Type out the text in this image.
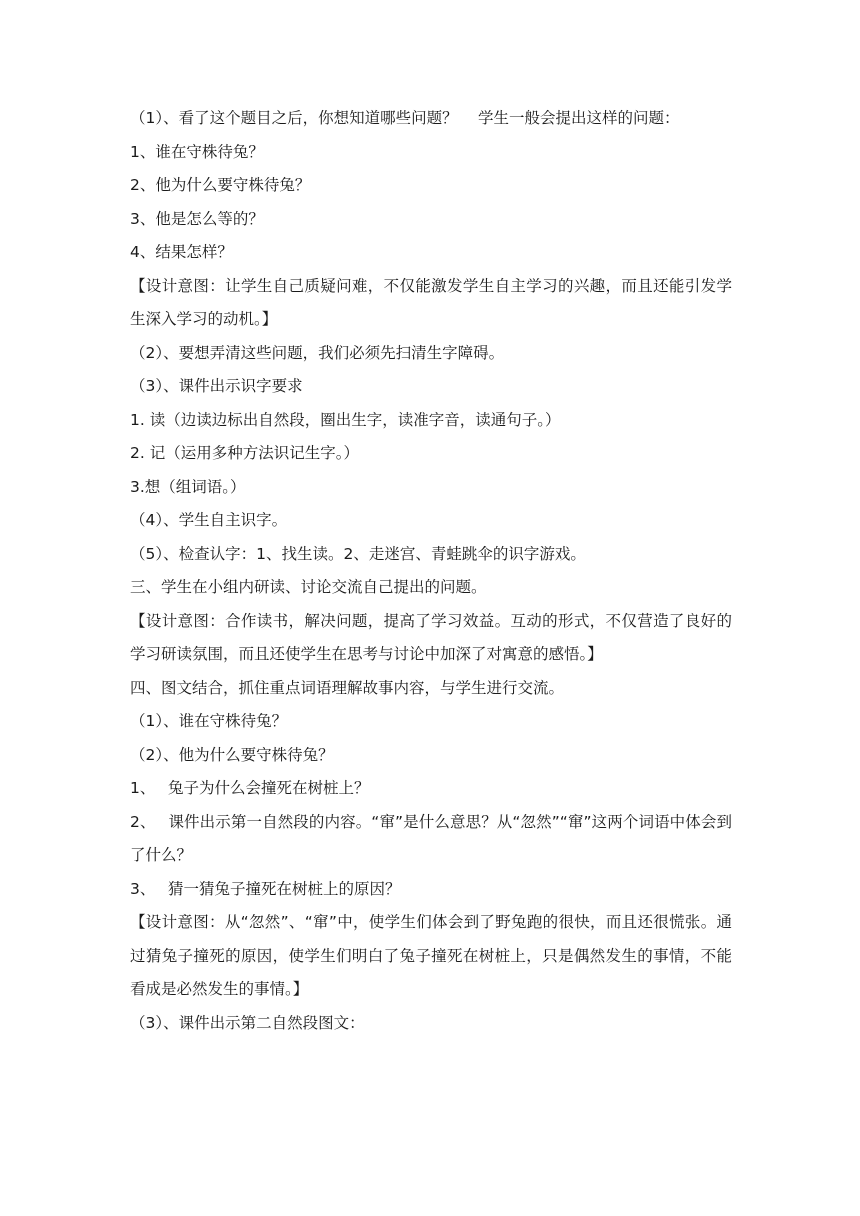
（1）、看了这个题目之后，你想知道哪些问题？　 学生一般会提出这样的问题：

1、谁在守株待兔？

2、他为什么要守株待兔？

3、他是怎么等的？

4、结果怎样？

【设计意图：让学生自己质疑问难，不仅能激发学生自主学习的兴趣，而且还能引发学生深入学习的动机。】

（2）、要想弄清这些问题，我们必须先扫清生字障碍。

（3）、课件出示识字要求

1. 读（边读边标出自然段，圈出生字，读准字音，读通句子。）

2. 记（运用多种方法识记生字。）

3.想（组词语。）

（4）、学生自主识字。

（5）、检查认字：1、找生读。2、走迷宫、青蛙跳伞的识字游戏。

三、学生在小组内研读、讨论交流自己提出的问题。

【设计意图：合作读书，解决问题，提高了学习效益。互动的形式，不仅营造了良好的学习研读氛围，而且还使学生在思考与讨论中加深了对寓意的感悟。】

四、图文结合，抓住重点词语理解故事内容，与学生进行交流。

（1）、谁在守株待兔？

（2）、他为什么要守株待兔？

1、　 兔子为什么会撞死在树桩上？

2、　 课件出示第一自然段的内容。“窜”是什么意思？从“忽然”“窜”这两个词语中体会到了什么？

3、　 猜一猜兔子撞死在树桩上的原因？

【设计意图：从“忽然”、“窜”中，使学生们体会到了野兔跑的很快，而且还很慌张。通过猜兔子撞死的原因，使学生们明白了兔子撞死在树桩上，只是偶然发生的事情，不能看成是必然发生的事情。】

（3）、课件出示第二自然段图文：
